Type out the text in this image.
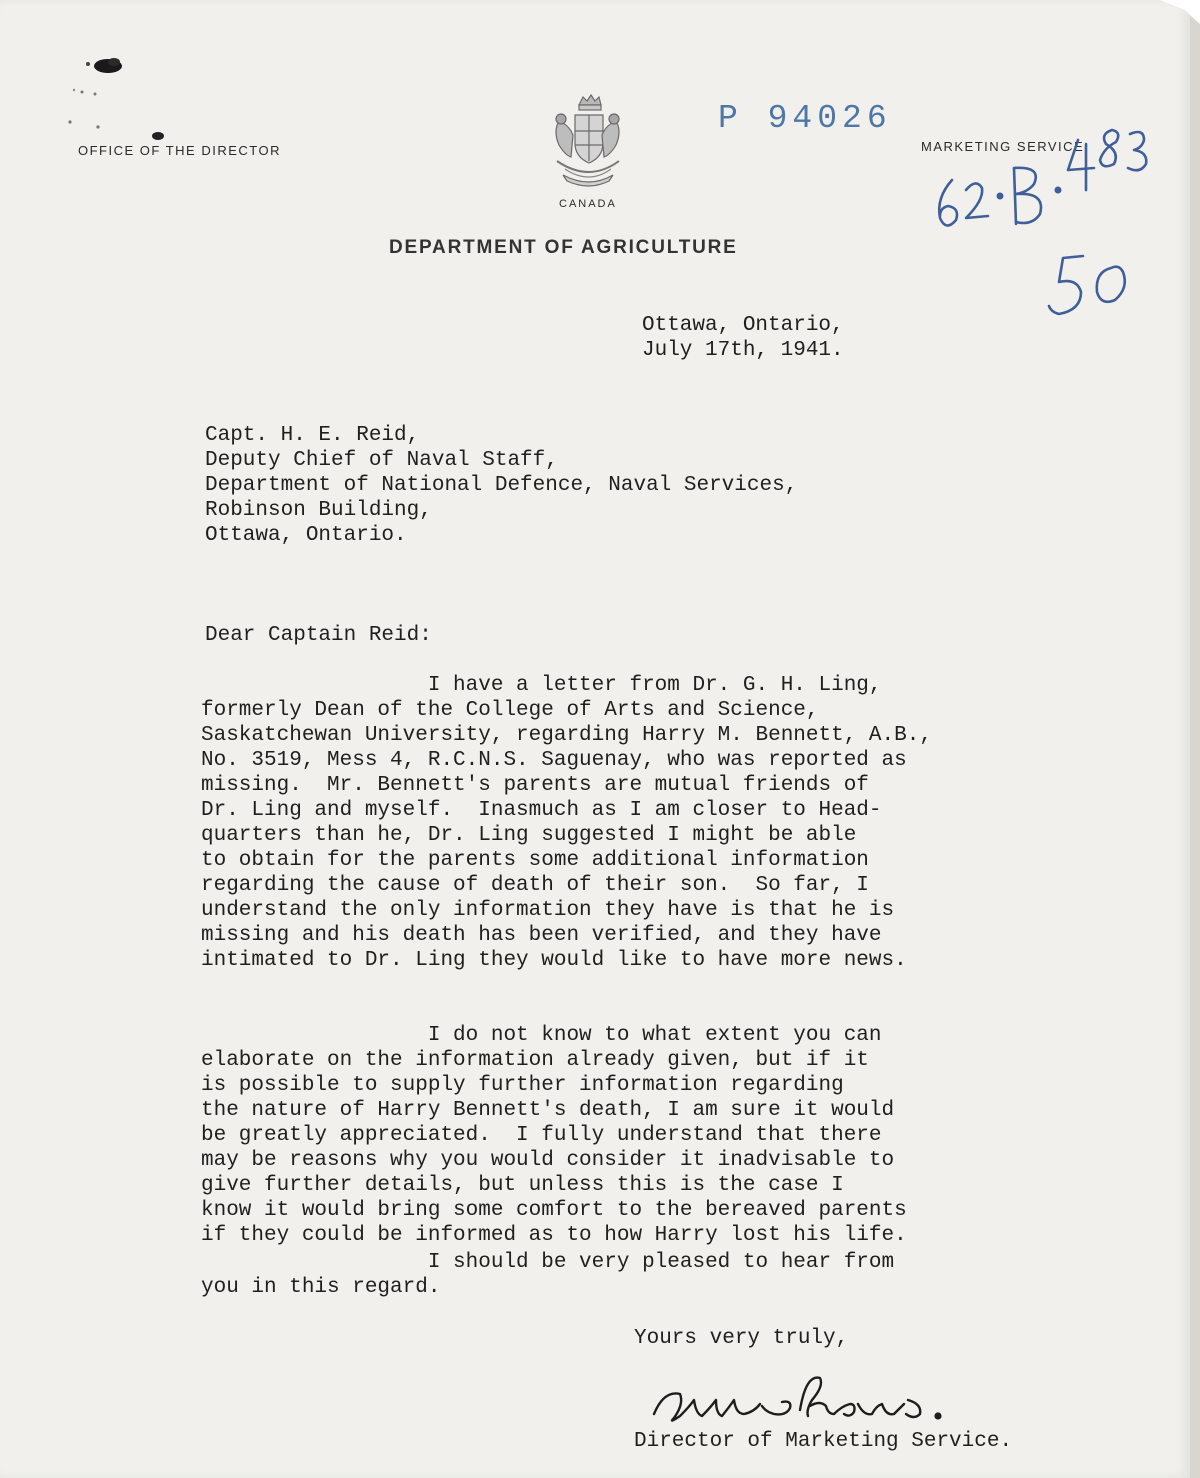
OFFICE OF THE DIRECTOR	MARKETING SERVICE
CANADA
DEPARTMENT OF AGRICULTURE
P 94026
Ottawa, Ontario,
July 17th, 1941.
Capt. H. E. Reid,
Deputy Chief of Naval Staff,
Department of National Defence, Naval Services,
Robinson Building,
Ottawa, Ontario.
Dear Captain Reid:
I have a letter from Dr. G. H. Ling,
formerly Dean of the College of Arts and Science,
Saskatchewan University, regarding Harry M. Bennett, A.B.,
No. 3519, Mess 4, R.C.N.S. Saguenay, who was reported as
missing.  Mr. Bennett's parents are mutual friends of
Dr. Ling and myself.  Inasmuch as I am closer to Head-
quarters than he, Dr. Ling suggested I might be able
to obtain for the parents some additional information
regarding the cause of death of their son.  So far, I
understand the only information they have is that he is
missing and his death has been verified, and they have
intimated to Dr. Ling they would like to have more news.
I do not know to what extent you can
elaborate on the information already given, but if it
is possible to supply further information regarding
the nature of Harry Bennett's death, I am sure it would
be greatly appreciated.  I fully understand that there
may be reasons why you would consider it inadvisable to
give further details, but unless this is the case I
know it would bring some comfort to the bereaved parents
if they could be informed as to how Harry lost his life.
I should be very pleased to hear from
you in this regard.
Yours very truly,
Director of Marketing Service.
